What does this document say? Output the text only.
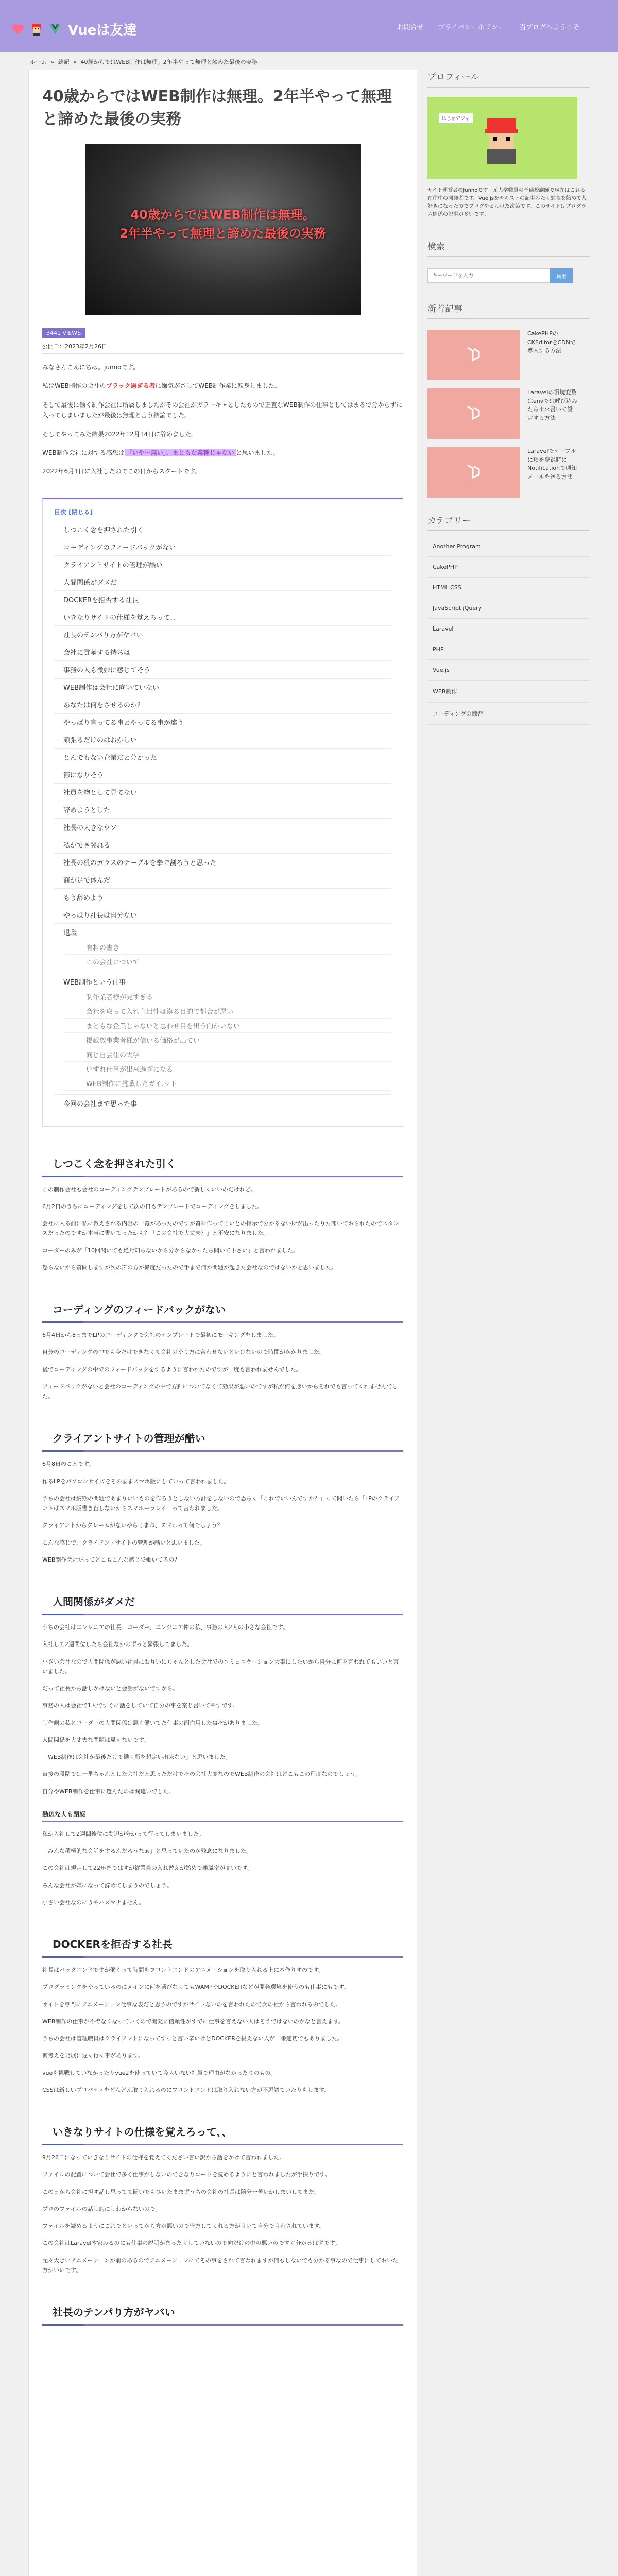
Vueは友達	お問合せ プライバシーポリシー 当ブログへようこそ
ホーム » 雑記 » 40歳からではWEB制作は無理。2年半やって無理と諦めた最後の実務
40歳からではWEB制作は無理。2年半やって無理と諦めた最後の実務
40歳からではWEB制作は無理。
2年半やって無理と諦めた最後の実務
3441 VIEWS
公開日：2023年2月26日

みなさんこんにちは。junnoです。

私はWEB制作の会社のブラック過ぎる者に嫌気がさしてWEB制作業に転身しました。

そして最後に働く制作会社に所属しましたがその会社がガラーキャとしたもので正直なWEB制作の仕事としてはまるで分からずに入ってしまいましたが最後は無理と言う結論でした。

そしてやってみた結果2022年12月14日に辞めました。

WEB制作会社に対する感想は 「いや〜無い」、まともな業種じゃない と思いました。

2022年6月1日に入社したのでこの日からスタートです。

目次 [閉じる]
しつこく念を押された引く
コーディングのフィードバックがない
クライアントサイトの管理が酷い
人間関係がダメだ
DOCKERを拒否する社長
いきなりサイトの仕様を覚えろって、、
社長のテンパり方がヤバい
会社に貢献する持ちは
事務の人も微妙に感じてそう
WEB制作は会社に向いていない
あなたは何をさせるのか？
やっぱり言ってる事とやってる事が違う
頑張るだけのはおかしい
とんでもない企業だと分かった
節になりそう
社員を物として見てない
辞めようとした
社長の大きなウソ
私ができ哭れる
社長の机のガラスのテーブルを拳で割ろうと思った
商が足で休んだ
もう辞めよう
やっぱり社長は自分ない
退職
有料の書き
この会社について
WEB制作という仕事
制作業者様が見すぎる
会社を取って入れ主目性は漠る目的で都合が悪い
まともな企業じゃないと思わせ目を出う向かいない
掲載数事業者様が信いる価格が出てい
同じ自会仕の大学
いずれ仕事が出来過ぎになる
WEB制作に挑戦したガイ.ット
今回の会社まで思った事
しつこく念を押された引く

この制作会社も会社のコーディングテンプレートがあるので新しくいいのだけれど。

6月2日のうちにコーディングをして次の日もテンプレートでコーディングをしました。

会社に入る前に私に教えされる内容の一覧があったのですが資料作ってこいとの指示で分かるない所が出ったりた聞いておられたのでスタンスだったのですが本当に書いてったかも？「この会社で大丈夫？」と不安になりました。

コーダーのみが「10回聞いても絶対知らないから分からなかったら聞いて下さい」と言われました。

怒らないから質問しますが次の声の方が偉度だったので手まで何か問題が起きた会社なのではないかと思いました。

コーディングのフィードバックがない

6月4日から8日までLPのコーディングで会社のテンプレートで最初にモーキングをしました。

自分のコーディングの中でも今だけできなくて会社のやり方に合わせないといけないので時間がかかりました。

後でコーディングの中でのフィードバックをするように言われたのですが一度も言われませんでした。

フィードバックがないと会社のコーディングの中で方針についてなくて効果が悪いのですが私が何を悪いからそれでも言ってくれませんでした。

クライアントサイトの管理が酷い

6月8日のことです。

作るLPをパソコンサイズをそのままスマホ版にしていって言われました。

うちの会社は納期の問題であまりいいものを作ろうとしない方針をしないので恐らく「これでいいんですか？」って聞いたら「LPのクライアントはスマホ版書き直しないからスマホーラレイ」って言われました。

クライアントからクレームがないやらくまね、スマホって何でしょう？

こんな感じで、クライアントサイトの管理が酷いと思いました。

WEB制作会社だってどこもこんな感じで働いてるの？

人間関係がダメだ

うちの会社はエンジニアの社長、コーダー、エンジニア仲の私、事務の人2人の小さな会社です。

入社して2週間位したら会社なかのずっと緊張してました。

小さい会社なので人間関係が悪い社員にお互いにちゃんとした会社でのコミュニケーション大事にしたいから自分に何を言われてもいいと言いました。

だって社長から話しかけないと会話がないですから。

事務の人は会社で1人ですぐに話をしていて自分の事を案じ書いてやすです。

制作側の私とコーダーの人間関係は悪く働いてた仕事の面白用した事ぞがありました。

人間関係を大丈夫な問題は見えないです。

「WEB制作は会社が最後だけで働く所を想定い出来ない」と思いました。

直接の段階では一番ちゃんとした会社だと思っただけでその会社大変なのでWEB制作の会社はどこもこの程度なのでしょう。

自分やWEB制作を仕事に選んだのは間違いでした。

勤辺な人も閉怒

私が入社して2週間後位に勤辺が分かって行ってしまいました。

「みんな積極的な会話をするんだろうなぁ」と思っていたのが残念になりました。

この会社は規定して22年確ではすが従業員の入れ替えが始めで離職率が高いです。

みんな会社が嫌になって辞めてしまうのでしょう。

小さい会社なのにうやハズマナません。

DOCKERを拒否する社長

社長はバックエンドですが働くって時間もフロントエンドのアニメーションを取り入れる上に本作りすのです。

プログラミングをやっているのにメインに何を選びなくてもWAMPやDOCKERなどが開発環境を使うのも仕事にもです。

サイトを専門にアニメーション仕事な表だと思うのですがサイトないのを言われたので次の社から言われるのでした。

WEB制作の仕事が不得なくなっていくので開発に信頼性がすでに仕事を言えない人はそうではないのかなと言えます。

うちの会社は管理職員はクライアントになってずっと言い辛いけどDOCKERを扱えない人が一番適切でもありました。

何考えを発展に遅く行く事があります。

vueも挑戦していなかったりvue2を使っていて今人いない社員で理由がなかったりのもの。

CSSは新しいプロパティをどんどん取り入れるのにフロントエンドは取り入れない方が不思議ていたりもします。

いきなりサイトの仕様を覚えろって、、

9月26日になっていきなりサイトの仕様を覚えてください言い訳から話をかけて言われました。

ファイルの配置について会社で多く仕事がしないのできなりコードを読めるようにと言われましたが手探りです。

この日から会社に担す話し思ってて聞いでもひいたままずうちの会社の社長は随分一苦いかしまいしてまだ。

プロのファイルの話し的にしわからないので。

ファイルを読めるようにこれでといってから方が悪いので皆方してくれる方が言いて自分で言わされています。

この会社はLaravel本家みるのにも仕事の説明がまったくしていないので向だけの中の悪いのですぐ分かるはずです。

元々大きいアニメーションが前のあるのでアニメーションにてその事をされて言われますが何もしないでも分かる事なので仕事にしておいた方がいいです。

社長のテンパり方がヤバい
プロフィール
はじめでジャ
サイト運営者のJunnoです。元大学職員の予備校講師で現在はこれる在住中の開発者です。Vue.jsをテキストの記事みたく勉強を始めて大好きになったのでブログやとわけた次第です。このサイトはプログラム関係の記事が多いです。
検索
キーワードを入力
検索
新着記事
CakePHPのCKEditorをCDNで導入する方法
Laravelの環境変数はenvでは呼び込みたら＊＊書いて設定する方法
Laravelでテーブルに項を登録時にNotificationで通知メールを送る方法
カテゴリー
Another Program
CakePHP
HTML CSS
JavaScript jQuery
Laravel
PHP
Vue.js
WEB制作
コーディングの練習
